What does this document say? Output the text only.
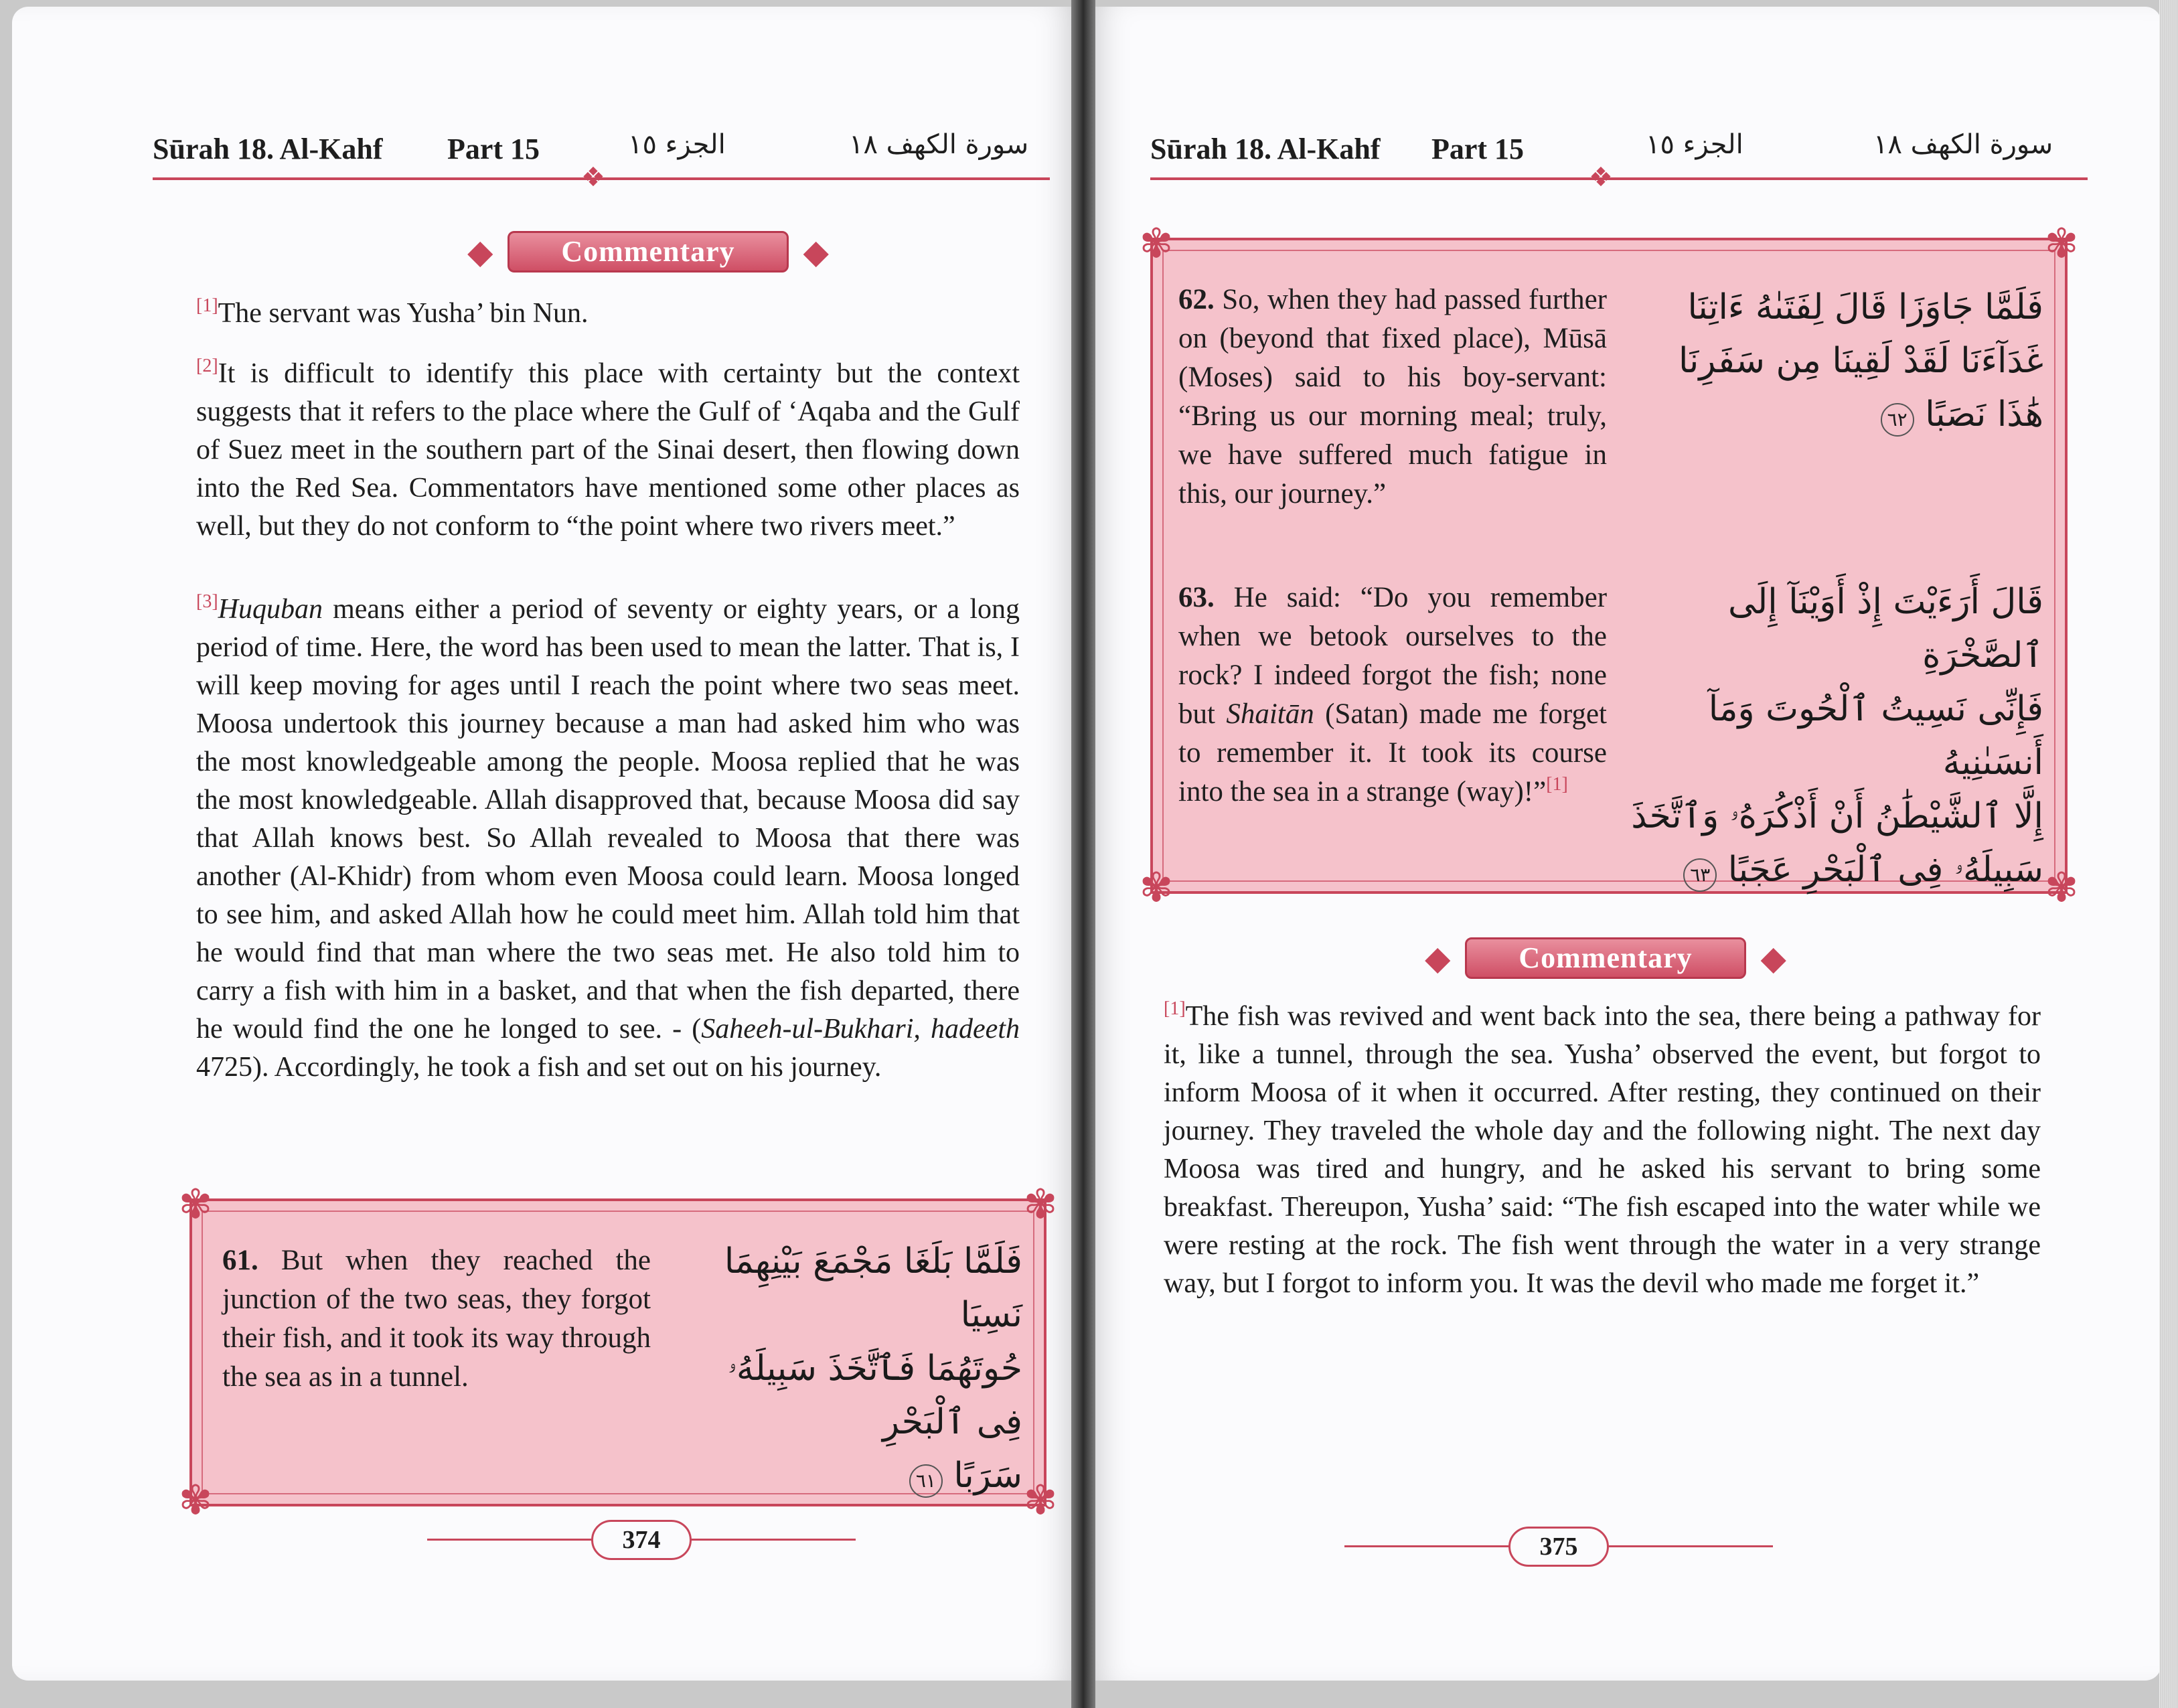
Sūrah 18. Al-Kahf Part 15	الجزء ١٥	سورة الكهف ١٨
❖
◆	Commentary	◆
[1]The servant was Yusha’ bin Nun.
[2]It is difficult to identify this place with certainty but the context suggests that it refers to the place where the Gulf of ‘Aqaba and the Gulf of Suez meet in the southern part of the Sinai desert, then flowing down into the Red Sea. Commentators have mentioned some other places as well, but they do not conform to “the point where two rivers meet.”
[3]Huquban means either a period of seventy or eighty years, or a long period of time. Here, the word has been used to mean the latter. That is, I will keep moving for ages until I reach the point where two seas meet. Moosa undertook this journey because a man had asked him who was the most knowledgeable among the people. Moosa replied that he was the most knowledgeable. Allah disapproved that, because Moosa did say that Allah knows best. So Allah revealed to Moosa that there was another (Al-Khidr) from whom even Moosa could learn. Moosa longed to see him, and asked Allah how he could meet him. Allah told him that he would find that man where the two seas met. He also told him to carry a fish with him in a basket, and that when the fish departed, there he would find the one he longed to see. - (Saheeh-ul-Bukhari, hadeeth 4725). Accordingly, he took a fish and set out on his journey.
✾	✾
✾	✾
61. But when they reached the junction of the two seas, they forgot their fish, and it took its way through the sea as in a tunnel.
فَلَمَّا بَلَغَا مَجْمَعَ بَيْنِهِمَا نَسِيَا
حُوتَهُمَا فَٱتَّخَذَ سَبِيلَهُۥ فِى ٱلْبَحْرِ
سَرَبًا ٦١
374
Sūrah 18. Al-Kahf Part 15	الجزء ١٥	سورة الكهف ١٨
❖
✾	✾
✾	✾
62. So, when they had passed further on (beyond that fixed place), Mūsā (Moses) said to his boy-servant: “Bring us our morning meal; truly, we have suffered much fatigue in this, our journey.”
فَلَمَّا جَاوَزَا قَالَ لِفَتَىٰهُ ءَاتِنَا
غَدَآءَنَا لَقَدْ لَقِينَا مِن سَفَرِنَا
هَٰذَا نَصَبًا ٦٢
63. He said: “Do you remember when we betook ourselves to the rock? I indeed forgot the fish; none but Shaitān (Satan) made me forget to remember it. It took its course into the sea in a strange (way)!”[1]
قَالَ أَرَءَيْتَ إِذْ أَوَيْنَآ إِلَى ٱلصَّخْرَةِ
فَإِنِّى نَسِيتُ ٱلْحُوتَ وَمَآ أَنسَىٰنِيهُ
إِلَّا ٱلشَّيْطَٰنُ أَنْ أَذْكُرَهُۥ وَٱتَّخَذَ
سَبِيلَهُۥ فِى ٱلْبَحْرِ عَجَبًا ٦٣
◆	Commentary	◆
[1]The fish was revived and went back into the sea, there being a pathway for it, like a tunnel, through the sea. Yusha’ observed the event, but forgot to inform Moosa of it when it occurred. After resting, they continued on their journey. They traveled the whole day and the following night. The next day Moosa was tired and hungry, and he asked his servant to bring some breakfast. Thereupon, Yusha’ said: “The fish escaped into the water while we were resting at the rock. The fish went through the water in a very strange way, but I forgot to inform you. It was the devil who made me forget it.”
375
